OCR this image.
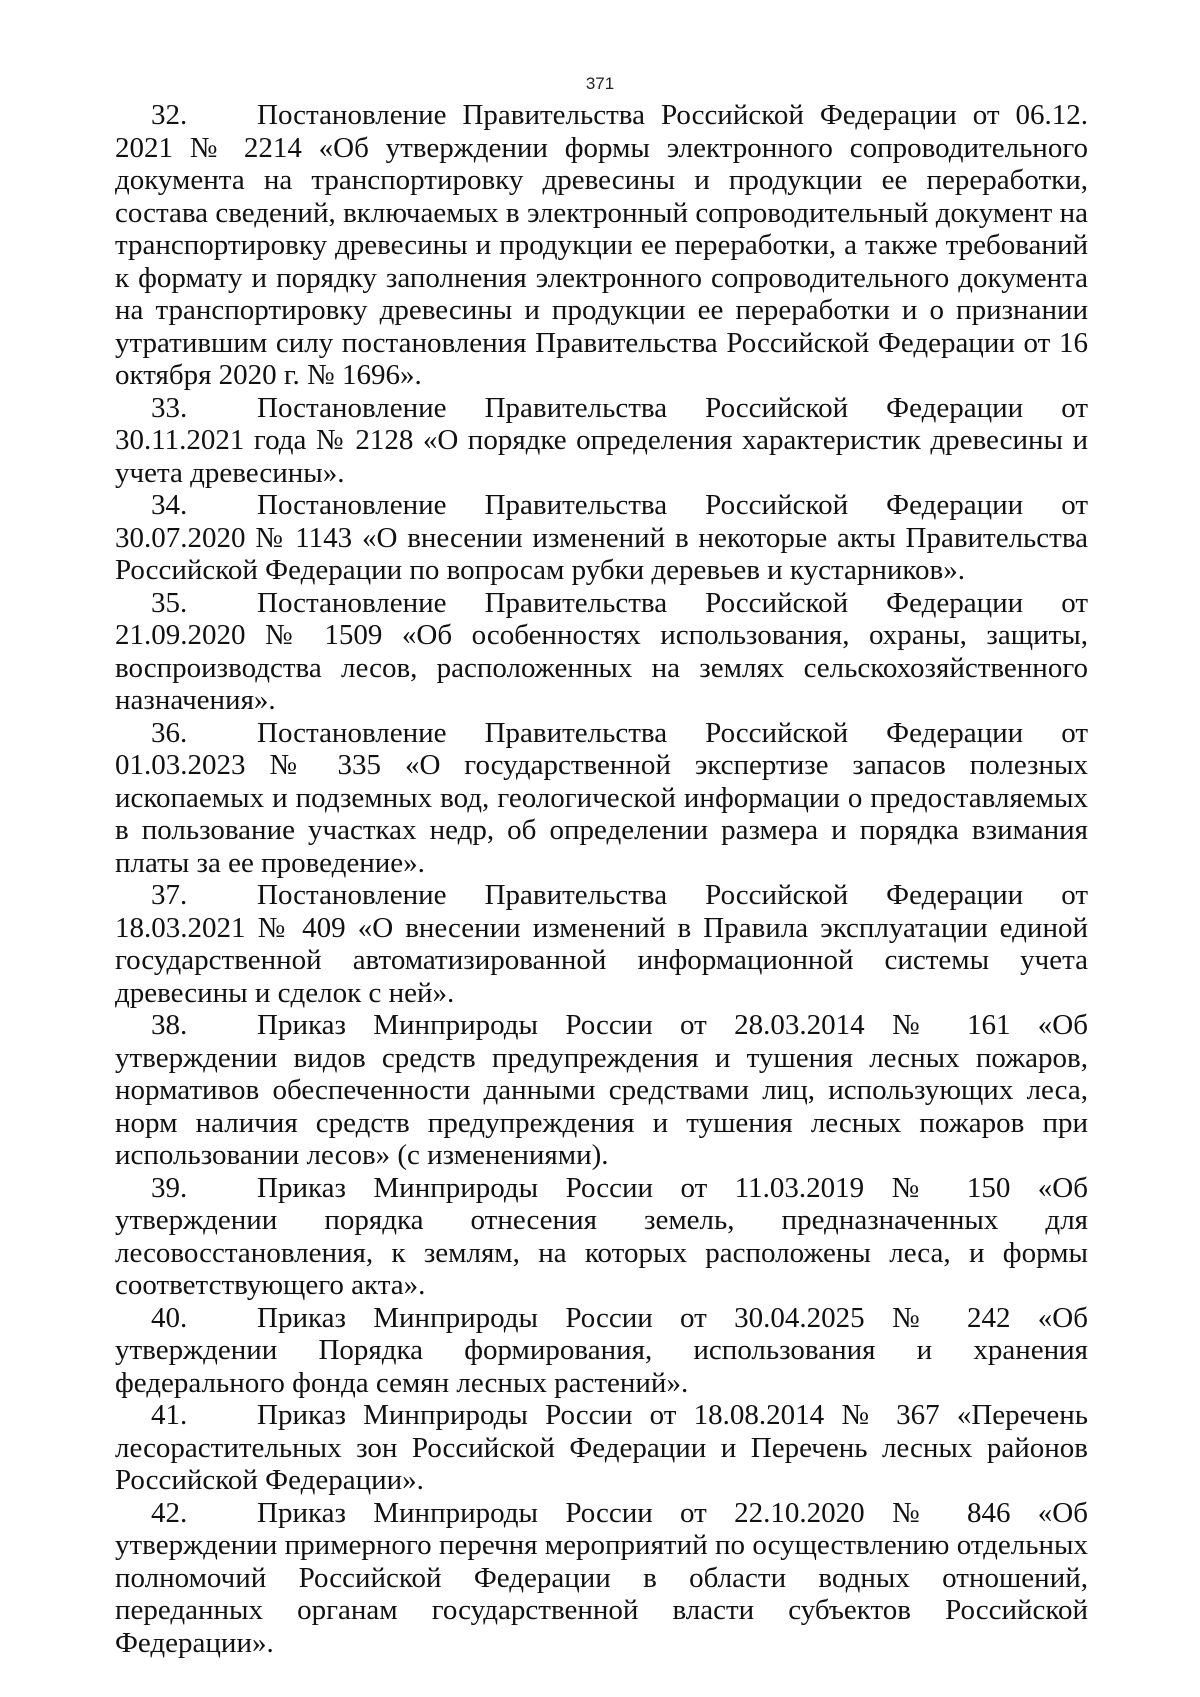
371

32. Постановление Правительства Российской Федерации от 06.12. 2021 № 2214 «Об утверждении формы электронного сопроводительного документа на транспортировку древесины и продукции ее переработки, состава сведений, включаемых в электронный сопроводительный документ на транспортировку древесины и продукции ее переработки, а также требований к формату и порядку заполнения электронного сопроводительного документа на транспортировку древесины и продукции ее переработки и о признании утратившим силу постановления Правительства Российской Федерации от 16 октября 2020 г. № 1696».

33. Постановление Правительства Российской Федерации от 30.11.2021 года № 2128 «О порядке определения характеристик древесины и учета древесины».

34. Постановление Правительства Российской Федерации от 30.07.2020 № 1143 «О внесении изменений в некоторые акты Правительства Российской Федерации по вопросам рубки деревьев и кустарников».

35. Постановление Правительства Российской Федерации от 21.09.2020 № 1509 «Об особенностях использования, охраны, защиты, воспроизводства лесов, расположенных на землях сельскохозяйственного назначения».

36. Постановление Правительства Российской Федерации от 01.03.2023 № 335 «О государственной экспертизе запасов полезных ископаемых и подземных вод, геологической информации о предоставляемых в пользование участках недр, об определении размера и порядка взимания платы за ее проведение».

37. Постановление Правительства Российской Федерации от 18.03.2021 № 409 «О внесении изменений в Правила эксплуатации единой государственной автоматизированной информационной системы учета древесины и сделок с ней».

38. Приказ Минприроды России от 28.03.2014 № 161 «Об утверждении видов средств предупреждения и тушения лесных пожаров, нормативов обеспеченности данными средствами лиц, использующих леса, норм наличия средств предупреждения и тушения лесных пожаров при использовании лесов» (с изменениями).

39. Приказ Минприроды России от 11.03.2019 № 150 «Об утверждении порядка отнесения земель, предназначенных для лесовосстановления, к землям, на которых расположены леса, и формы соответствующего акта».

40. Приказ Минприроды России от 30.04.2025 № 242 «Об утверждении Порядка формирования, использования и хранения федерального фонда семян лесных растений».

41. Приказ Минприроды России от 18.08.2014 № 367 «Перечень лесорастительных зон Российской Федерации и Перечень лесных районов Российской Федерации».

42. Приказ Минприроды России от 22.10.2020 № 846 «Об утверждении примерного перечня мероприятий по осуществлению отдельных полномочий Российской Федерации в области водных отношений, переданных органам государственной власти субъектов Российской Федерации».
